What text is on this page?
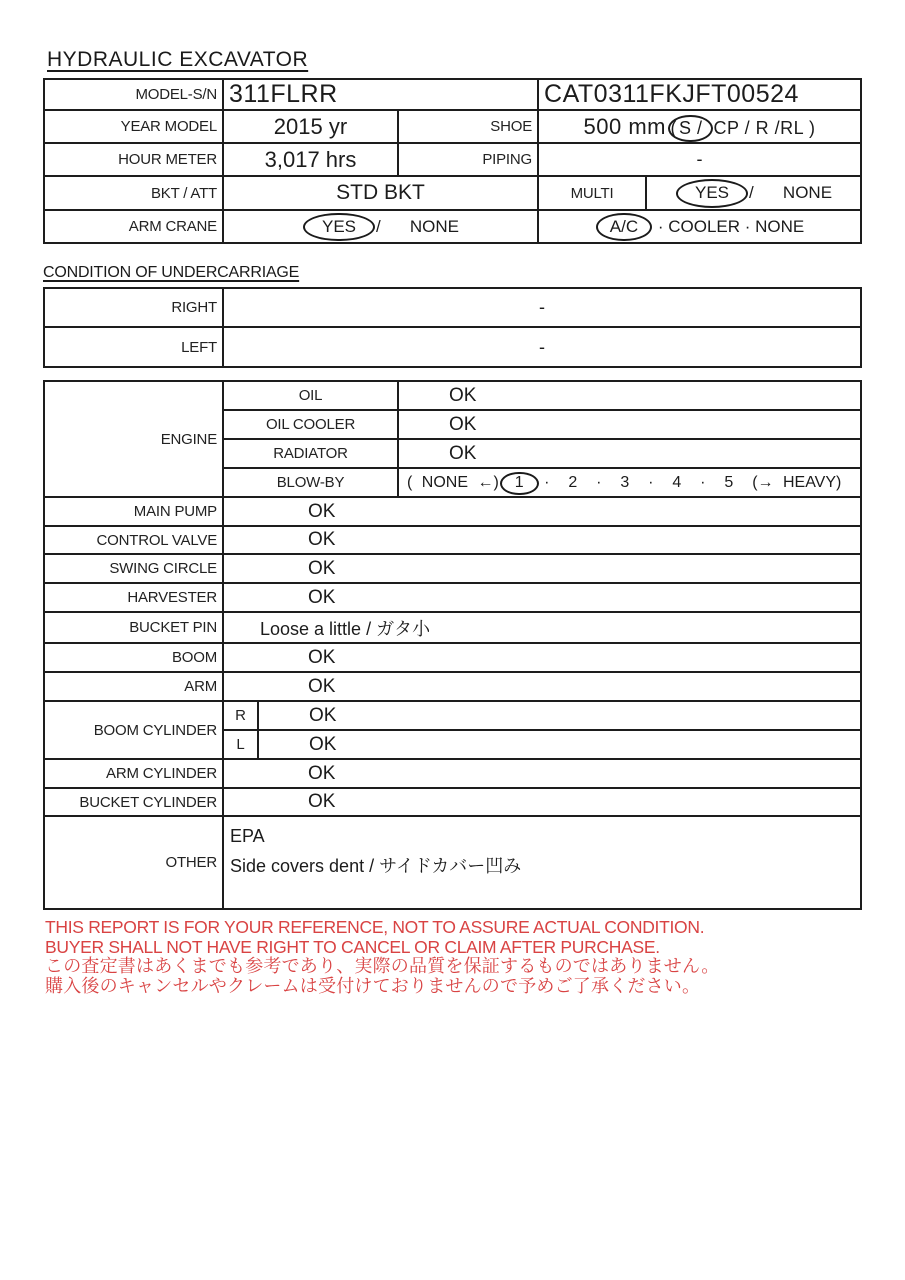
HYDRAULIC EXCAVATOR
MODEL-S/N	311FLRR		CAT0311FKJFT00524	
YEAR MODEL	2015 yr	SHOE	500 mm ( S / CP / R /RL )	
HOUR METER	3,017 hrs	PIPING	-	
BKT / ATT	STD BKT		MULTI	YES /   NONE
ARM CRANE	YES /   NONE		A/C · COOLER · NONE	
CONDITION OF UNDERCARRIAGE
RIGHT	-
LEFT	-
ENGINE	OIL		OK
	OIL COOLER		OK
	RADIATOR		OK
	BLOW-BY		( NONE ←) 1 ·  2  ·  3  ·  4  ·  5  (→ HEAVY)
MAIN PUMP	OK		
CONTROL VALVE	OK		
SWING CIRCLE	OK		
HARVESTER	OK		
BUCKET PIN	Loose a little / ガタ小		
BOOM	OK		
ARM	OK		
BOOM CYLINDER	R	OK	
	L	OK	
ARM CYLINDER	OK		
BUCKET CYLINDER	OK		
OTHER	EPA
Side covers dent / サイドカバー凹み		
THIS REPORT IS FOR YOUR REFERENCE, NOT TO ASSURE ACTUAL CONDITION.
BUYER SHALL NOT HAVE RIGHT TO CANCEL OR CLAIM AFTER PURCHASE.
この査定書はあくまでも参考であり、実際の品質を保証するものではありません。
購入後のキャンセルやクレームは受付けておりませんので予めご了承ください。
